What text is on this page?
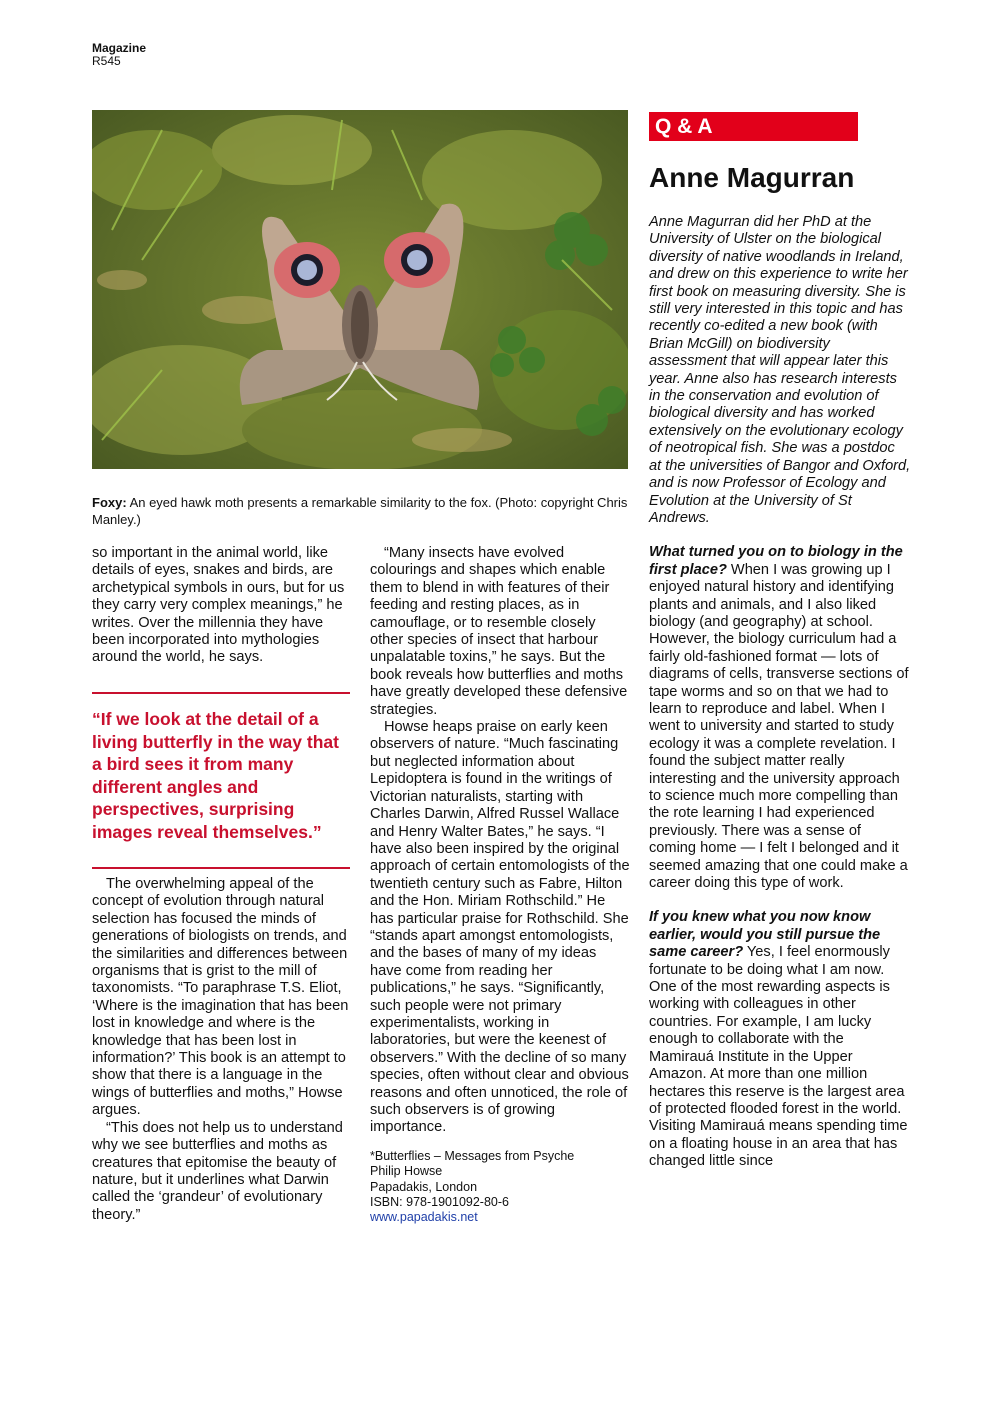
Magazine
R545
Foxy: An eyed hawk moth presents a remarkable similarity to the fox. (Photo: copyright Chris Manley.)

so important in the animal world, like details of eyes, snakes and birds, are archetypical symbols in ours, but for us they carry very complex meanings,” he writes. Over the millennia they have been incorporated into mythologies around the world, he says.

“If we look at the detail of a living butterfly in the way that a bird sees it from many different angles and perspectives, surprising images reveal themselves.”

The overwhelming appeal of the concept of evolution through natural selection has focused the minds of generations of biologists on trends, and the similarities and differences between organisms that is grist to the mill of taxonomists. “To paraphrase T.S. Eliot, ‘Where is the imagination that has been lost in knowledge and where is the knowledge that has been lost in information?’ This book is an attempt to show that there is a language in the wings of butterflies and moths,” Howse argues.

“This does not help us to understand why we see butterflies and moths as creatures that epitomise the beauty of nature, but it underlines what Darwin called the ‘grandeur’ of evolutionary theory.”

“Many insects have evolved colourings and shapes which enable them to blend in with features of their feeding and resting places, as in camouflage, or to resemble closely other species of insect that harbour unpalatable toxins,” he says. But the book reveals how butterflies and moths have greatly developed these defensive strategies.

Howse heaps praise on early keen observers of nature. “Much fascinating but neglected information about Lepidoptera is found in the writings of Victorian naturalists, starting with Charles Darwin, Alfred Russel Wallace and Henry Walter Bates,” he says. “I have also been inspired by the original approach of certain entomologists of the twentieth century such as Fabre, Hilton and the Hon. Miriam Rothschild.” He has particular praise for Rothschild. She “stands apart amongst entomologists, and the bases of many of my ideas have come from reading her publications,” he says. “Significantly, such people were not primary experimentalists, working in laboratories, but were the keenest of observers.” With the decline of so many species, often without clear and obvious reasons and often unnoticed, the role of such observers is of growing importance.

*Butterflies – Messages from Psyche
Philip Howse
Papadakis, London
ISBN: 978-1901092-80-6
www.papadakis.net
Q & A
Anne Magurran

Anne Magurran did her PhD at the University of Ulster on the biological diversity of native woodlands in Ireland, and drew on this experience to write her first book on measuring diversity. She is still very interested in this topic and has recently co-edited a new book (with Brian McGill) on biodiversity assessment that will appear later this year. Anne also has research interests in the conservation and evolution of biological diversity and has worked extensively on the evolutionary ecology of neotropical fish. She was a postdoc at the universities of Bangor and Oxford, and is now Professor of Ecology and Evolution at the University of St Andrews.

What turned you on to biology in the first place? When I was growing up I enjoyed natural history and identifying plants and animals, and I also liked biology (and geography) at school. However, the biology curriculum had a fairly old-fashioned format — lots of diagrams of cells, transverse sections of tape worms and so on that we had to learn to reproduce and label. When I went to university and started to study ecology it was a complete revelation. I found the subject matter really interesting and the university approach to science much more compelling than the rote learning I had experienced previously. There was a sense of coming home — I felt I belonged and it seemed amazing that one could make a career doing this type of work.

If you knew what you now know earlier, would you still pursue the same career? Yes, I feel enormously fortunate to be doing what I am now. One of the most rewarding aspects is working with colleagues in other countries. For example, I am lucky enough to collaborate with the Mamirauá Institute in the Upper Amazon. At more than one million hectares this reserve is the largest area of protected flooded forest in the world. Visiting Mamirauá means spending time on a floating house in an area that has changed little since
